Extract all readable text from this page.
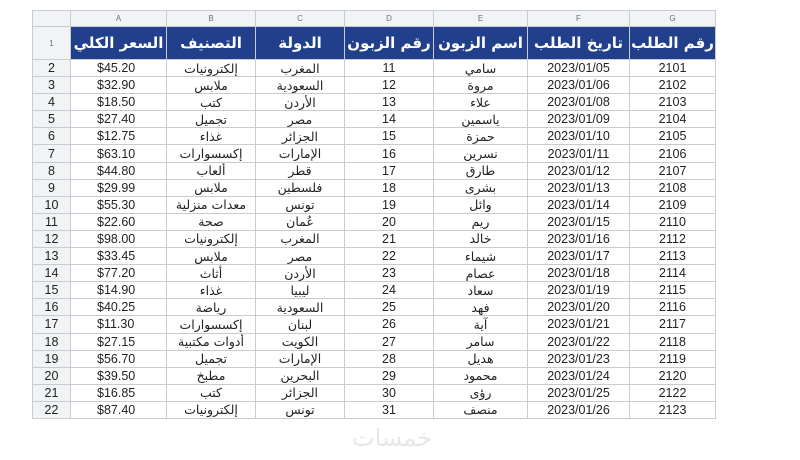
	A	B	C	D	E	F	G
1	السعر الكلي	التصنيف	الدولة	رقم الزبون	اسم الزبون	تاريخ الطلب	رقم الطلب
2	$45.20	إلكترونيات	المغرب	11	سامي	2023/01/05	2101
3	$32.90	ملابس	السعودية	12	مروة	2023/01/06	2102
4	$18.50	كتب	الأردن	13	علاء	2023/01/08	2103
5	$27.40	تجميل	مصر	14	ياسمين	2023/01/09	2104
6	$12.75	غذاء	الجزائر	15	حمزة	2023/01/10	2105
7	$63.10	إكسسوارات	الإمارات	16	نسرين	2023/01/11	2106
8	$44.80	ألعاب	قطر	17	طارق	2023/01/12	2107
9	$29.99	ملابس	فلسطين	18	بشرى	2023/01/13	2108
10	$55.30	معدات منزلية	تونس	19	وائل	2023/01/14	2109
11	$22.60	صحة	عُمان	20	ريم	2023/01/15	2110
12	$98.00	إلكترونيات	المغرب	21	خالد	2023/01/16	2112
13	$33.45	ملابس	مصر	22	شيماء	2023/01/17	2113
14	$77.20	أثاث	الأردن	23	عصام	2023/01/18	2114
15	$14.90	غذاء	ليبيا	24	سعاد	2023/01/19	2115
16	$40.25	رياضة	السعودية	25	فهد	2023/01/20	2116
17	$11.30	إكسسوارات	لبنان	26	آية	2023/01/21	2117
18	$27.15	أدوات مكتبية	الكويت	27	سامر	2023/01/22	2118
19	$56.70	تجميل	الإمارات	28	هديل	2023/01/23	2119
20	$39.50	مطبخ	البحرين	29	محمود	2023/01/24	2120
21	$16.85	كتب	الجزائر	30	رؤى	2023/01/25	2122
22	$87.40	إلكترونيات	تونس	31	منصف	2023/01/26	2123
خمسات
